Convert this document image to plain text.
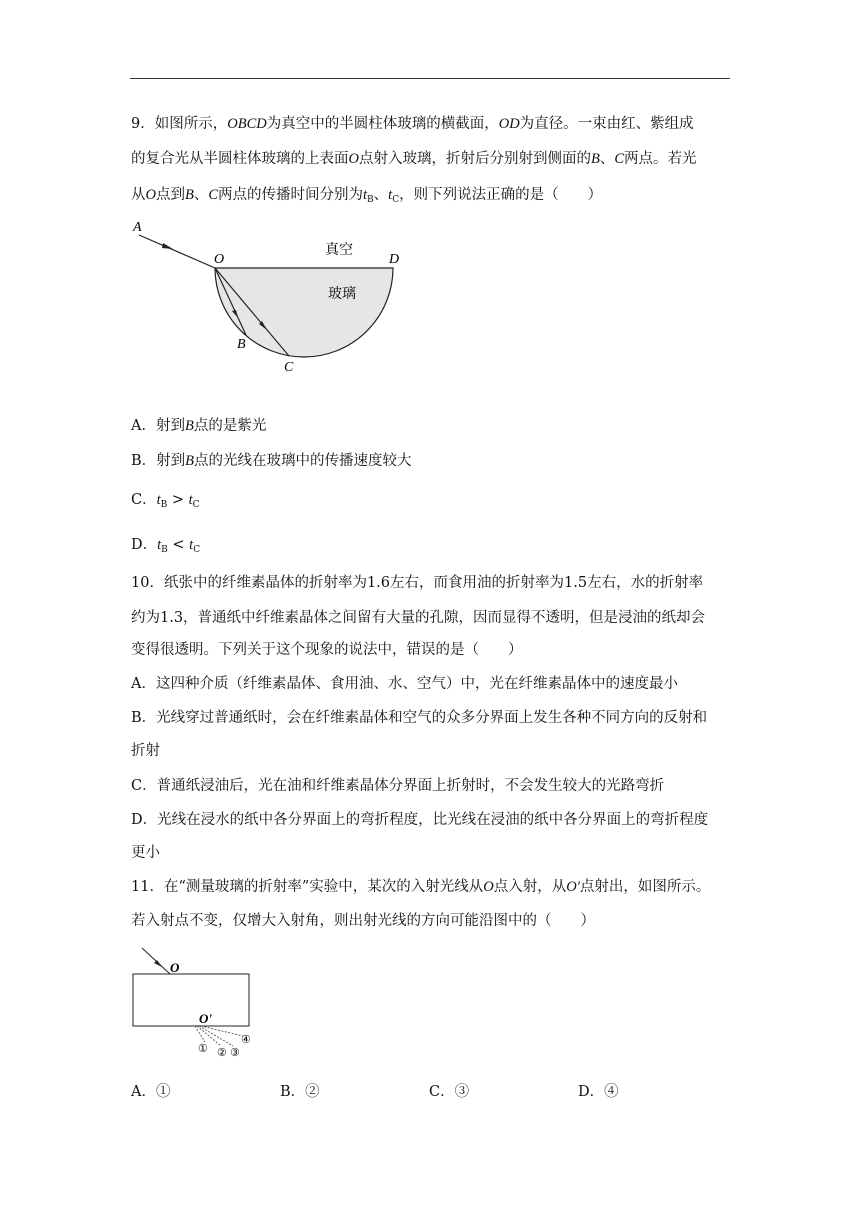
9．如图所示，OBCD为真空中的半圆柱体玻璃的横截面，OD为直径。一束由红、紫组成
的复合光从半圆柱体玻璃的上表面O点射入玻璃，折射后分别射到侧面的B、C两点。若光
从O点到B、C两点的传播时间分别为$t_B$、$t_C$，则下列说法正确的是（　　）
A
O	D
B
C
真空
玻璃
A．射到B点的是紫光
B．射到B点的光线在玻璃中的传播速度较大
C．$t_B > t_C$
D．$t_B < t_C$
10．纸张中的纤维素晶体的折射率为1.6左右，而食用油的折射率为1.5左右，水的折射率
约为1.3，普通纸中纤维素晶体之间留有大量的孔隙，因而显得不透明，但是浸油的纸却会
变得很透明。下列关于这个现象的说法中，错误的是（　　）
A．这四种介质（纤维素晶体、食用油、水、空气）中，光在纤维素晶体中的速度最小
B．光线穿过普通纸时，会在纤维素晶体和空气的众多分界面上发生各种不同方向的反射和
折射
C．普通纸浸油后，光在油和纤维素晶体分界面上折射时，不会发生较大的光路弯折
D．光线在浸水的纸中各分界面上的弯折程度，比光线在浸油的纸中各分界面上的弯折程度
更小
11．在“测量玻璃的折射率”实验中，某次的入射光线从O点入射，从O′点射出，如图所示。
若入射点不变，仅增大入射角，则出射光线的方向可能沿图中的（　　）
O
O'
① ② ③
④
A．①	B．②	C．③	D．④
